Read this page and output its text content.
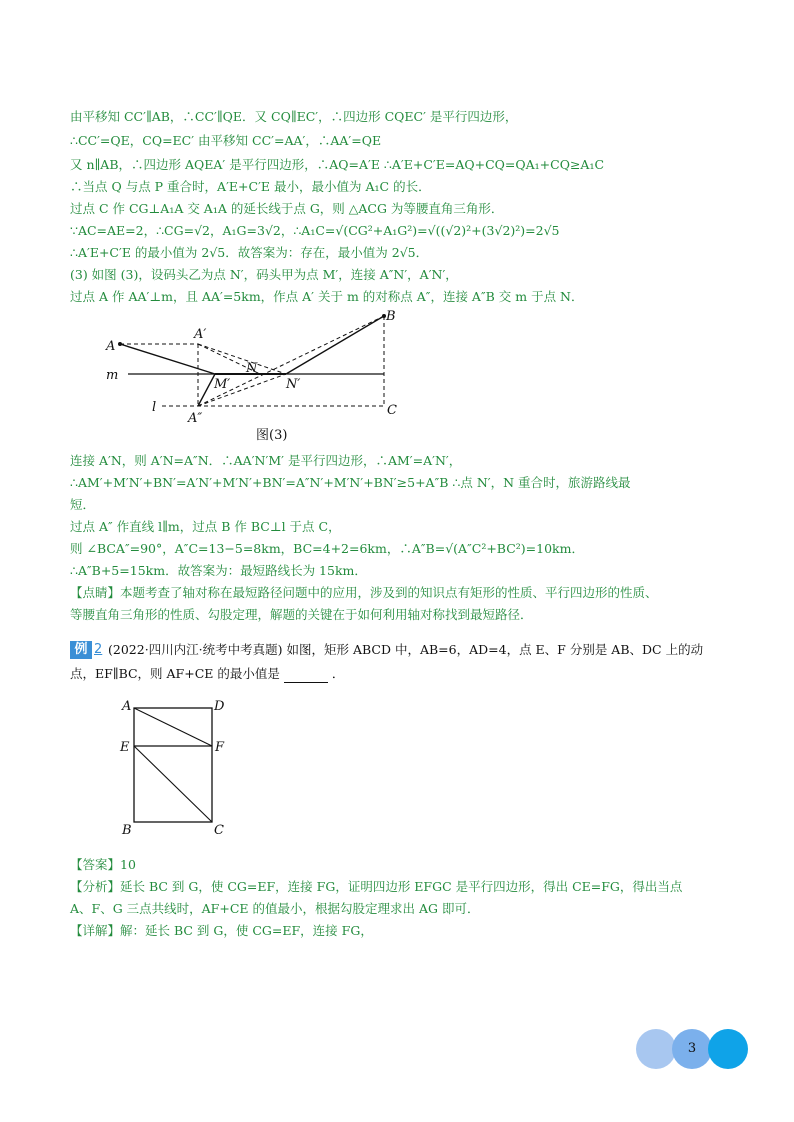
由平移知 CC′∥AB，∴CC′∥QE．又 CQ∥EC′，∴四边形 CQEC′ 是平行四边形，
∴CC′=QE，CQ=EC′ 由平移知 CC′=AA′，∴AA′=QE
又 n∥AB，∴四边形 AQEA′ 是平行四边形，∴AQ=A′E ∴A′E+C′E=AQ+CQ=QA₁+CQ≥A₁C
∴当点 Q 与点 P 重合时，A′E+C′E 最小，最小值为 A₁C 的长．
过点 C 作 CG⊥A₁A 交 A₁A 的延长线于点 G，则 △ACG 为等腰直角三角形．
∵AC=AE=2，∴CG=√2，A₁G=3√2，∴A₁C=√(CG²+A₁G²)=√((√2)²+(3√2)²)=2√5
∴A′E+C′E 的最小值为 2√5．故答案为：存在，最小值为 2√5．
(3) 如图 (3)，设码头乙为点 N′，码头甲为点 M′，连接 A″N′，A′N′，
过点 A 作 AA′⊥m，且 AA′=5km，作点 A′ 关于 m 的对称点 A″，连接 A″B 交 m 于点 N．
A
A′
A″
B
C
N
N′
M′
m
l
图(3)
连接 A′N，则 A′N=A″N．∴AA′N′M′ 是平行四边形，∴AM′=A′N′，
∴AM′+M′N′+BN′=A′N′+M′N′+BN′=A″N′+M′N′+BN′≥5+A″B ∴点 N′，N 重合时，旅游路线最
短．
过点 A″ 作直线 l∥m，过点 B 作 BC⊥l 于点 C，
则 ∠BCA″=90°，A″C=13−5=8km，BC=4+2=6km，∴A″B=√(A″C²+BC²)=10km．
∴A″B+5=15km．故答案为：最短路线长为 15km．
【点睛】本题考查了轴对称在最短路径问题中的应用，涉及到的知识点有矩形的性质、平行四边形的性质、
等腰直角三角形的性质、勾股定理，解题的关键在于如何利用轴对称找到最短路径．
例 2 (2022·四川内江·统考中考真题) 如图，矩形 ABCD 中，AB=6，AD=4，点 E、F 分别是 AB、DC 上的动
点，EF∥BC，则 AF+CE 的最小值是	．
A	D
E	F
B	C
【答案】10
【分析】延长 BC 到 G，使 CG=EF，连接 FG，证明四边形 EFGC 是平行四边形，得出 CE=FG，得出当点
A、F、G 三点共线时，AF+CE 的值最小，根据勾股定理求出 AG 即可．
【详解】解：延长 BC 到 G，使 CG=EF，连接 FG，
3
